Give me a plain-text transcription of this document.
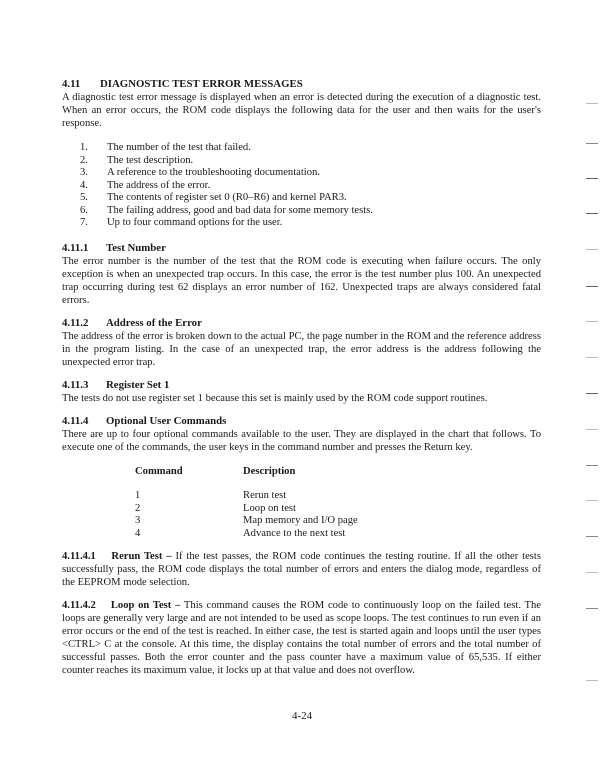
4.11 DIAGNOSTIC TEST ERROR MESSAGES

A diagnostic test error message is displayed when an error is detected during the execution of a diagnostic test. When an error occurs, the ROM code displays the following data for the user and then waits for the user's response.

1.	The number of the test that failed.
2.	The test description.
3.	A reference to the troubleshooting documentation.
4.	The address of the error.
5.	The contents of register set 0 (R0–R6) and kernel PAR3.
6.	The failing address, good and bad data for some memory tests.
7.	Up to four command options for the user.

4.11.1 Test Number

The error number is the number of the test that the ROM code is executing when failure occurs. The only exception is when an unexpected trap occurs. In this case, the error is the test number plus 100. An unexpected trap occurring during test 62 displays an error number of 162. Unexpected traps are always considered fatal errors.

4.11.2 Address of the Error

The address of the error is broken down to the actual PC, the page number in the ROM and the reference address in the program listing. In the case of an unexpected trap, the error address is the address following the unexpected error trap.

4.11.3 Register Set 1

The tests do not use register set 1 because this set is mainly used by the ROM code support routines.

4.11.4 Optional User Commands

There are up to four optional commands available to the user. They are displayed in the chart that follows. To execute one of the commands, the user keys in the command number and presses the Return key.

Command	Description
1	Rerun test
2	Loop on test
3	Map memory and I/O page
4	Advance to the next test

4.11.4.1 Rerun Test – If the test passes, the ROM code continues the testing routine. If all the other tests successfully pass, the ROM code displays the total number of errors and enters the dialog mode, regardless of the EEPROM mode selection.

4.11.4.2 Loop on Test – This command causes the ROM code to continuously loop on the failed test. The loops are generally very large and are not intended to be used as scope loops. The test continues to run even if an error occurs or the end of the test is reached. In either case, the test is started again and loops until the user types <CTRL> C at the console. At this time, the display contains the total number of errors and the total number of successful passes. Both the error counter and the pass counter have a maximum value of 65,535. If either counter reaches its maximum value, it locks up at that value and does not overflow.

4-24
